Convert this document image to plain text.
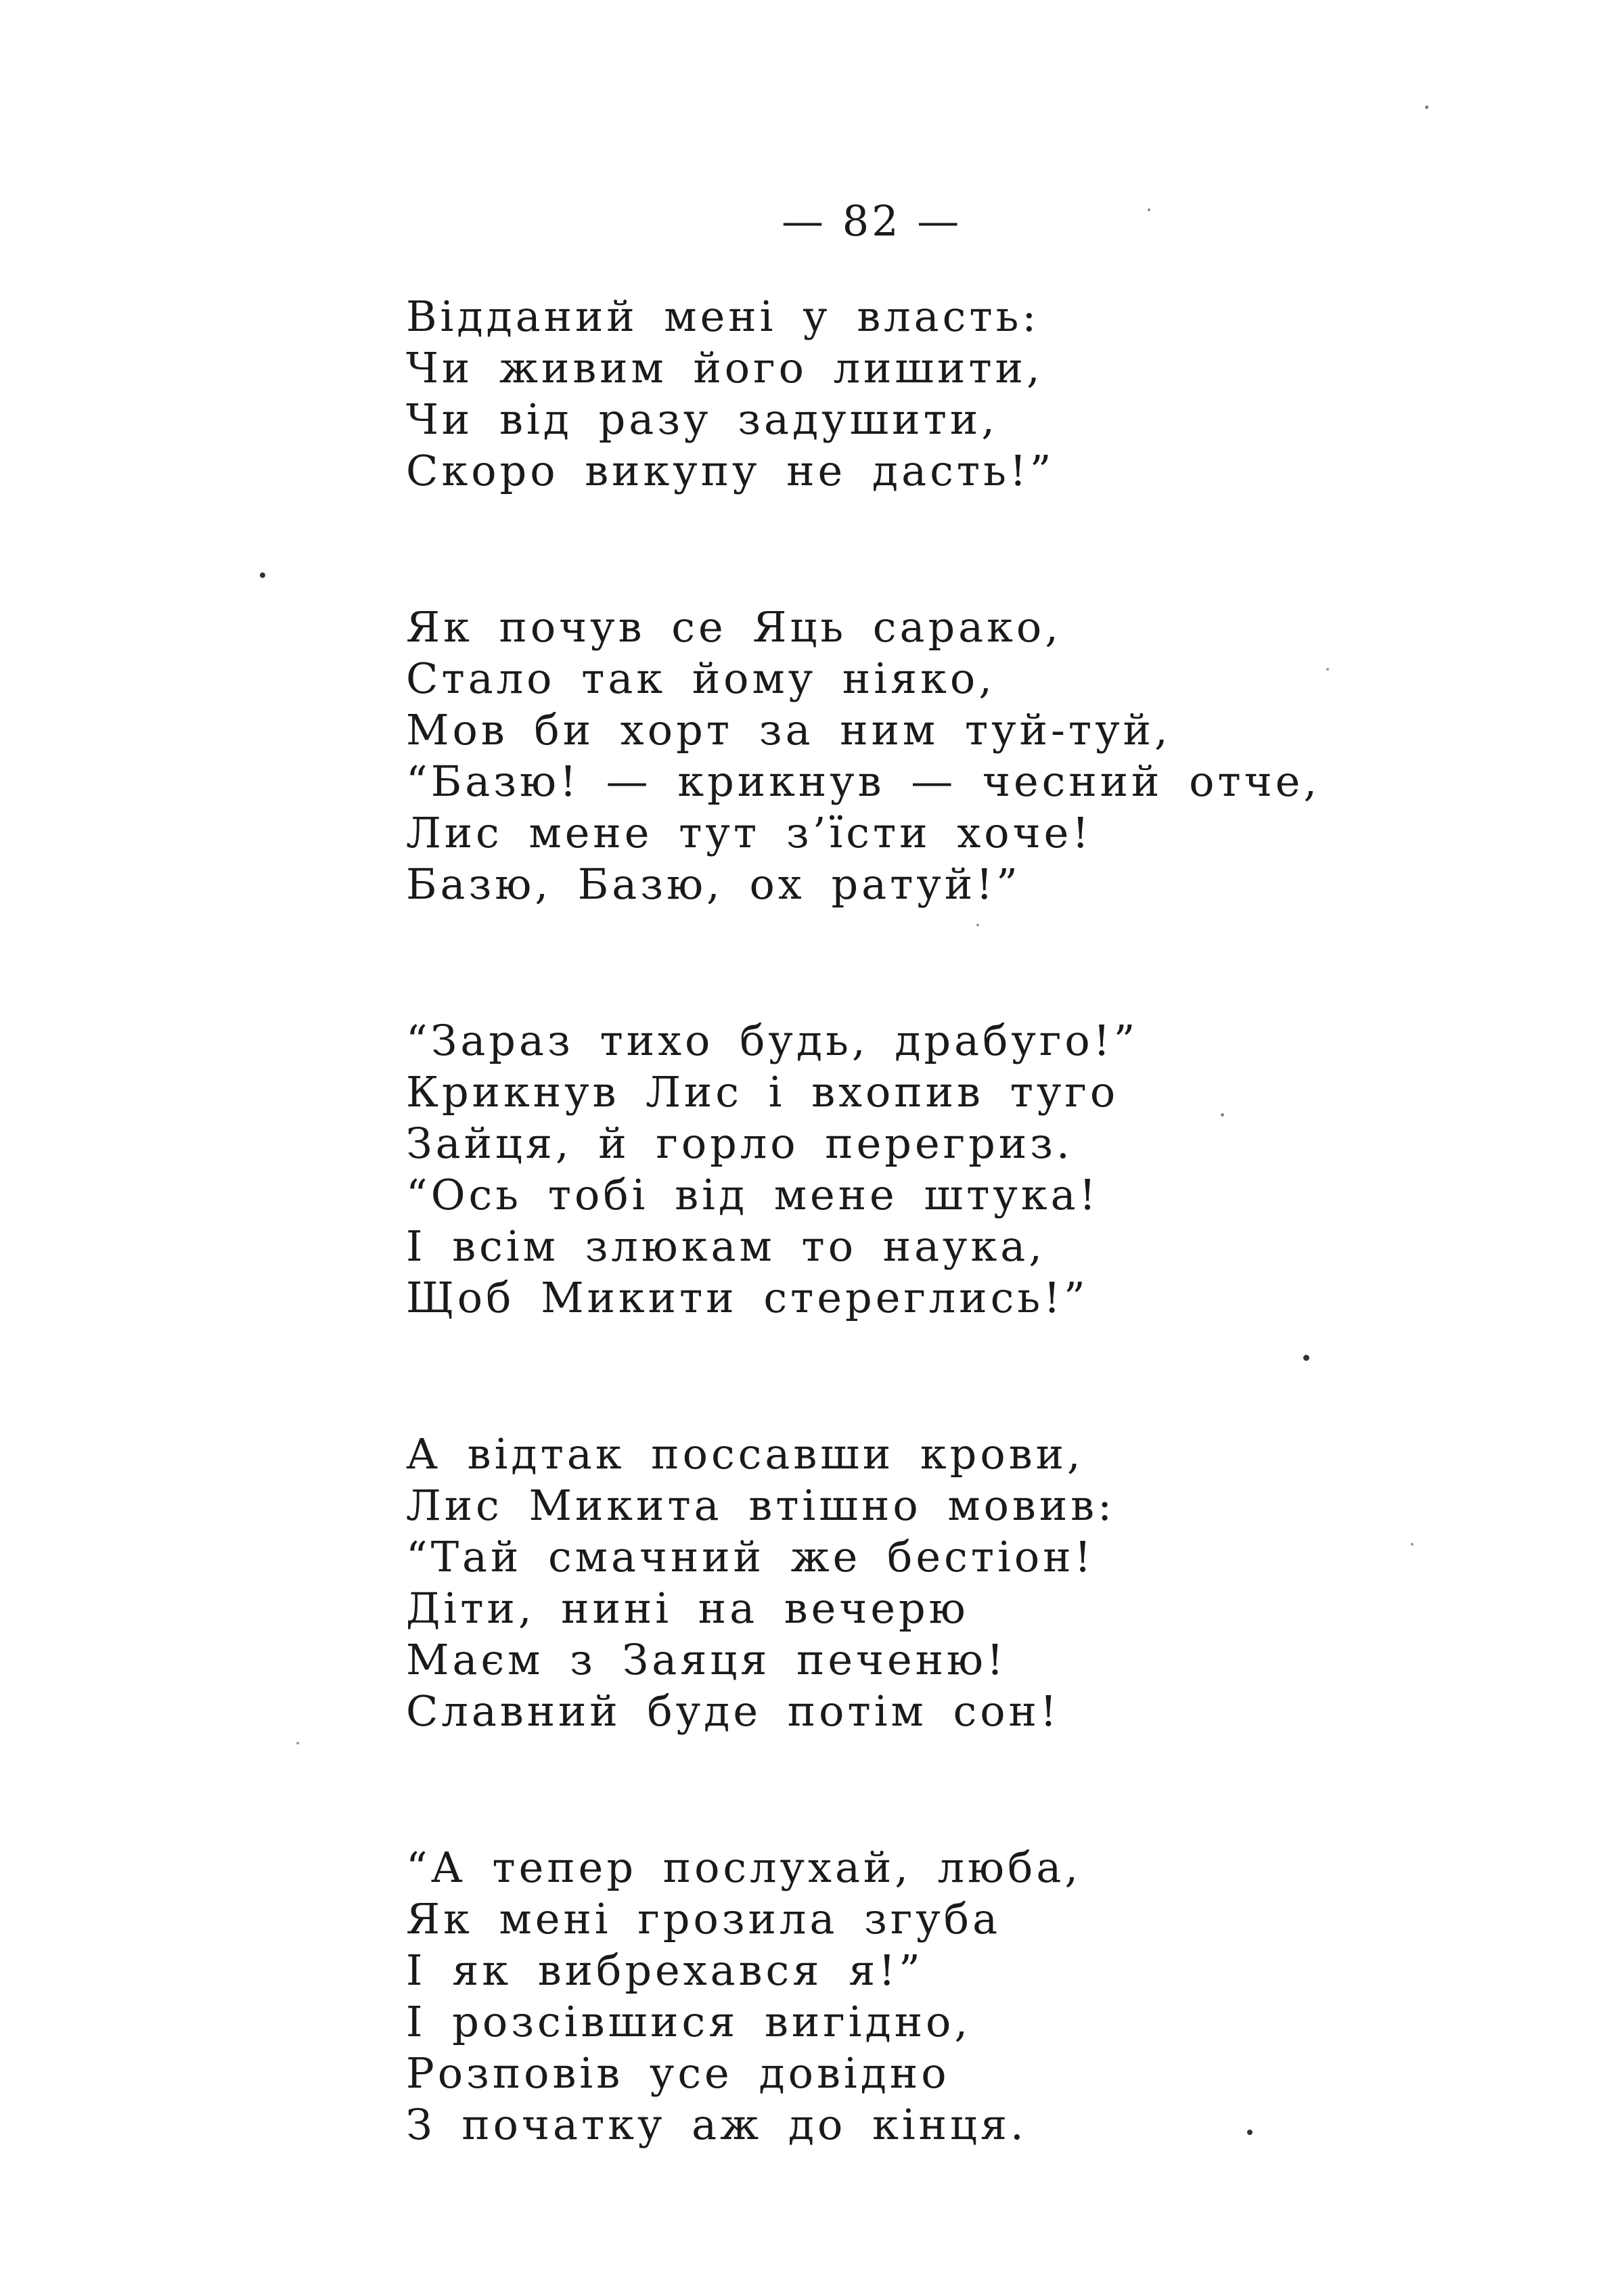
— 82 —
Відданий мені у власть:
Чи живим його лишити,
Чи від разу задушити,
Скоро викупу не дасть!”
Як почув се Яць сарако,
Стало так йому ніяко,
Мов би хорт за ним туй-туй,
“Базю! — крикнув — чесний отче,
Лис мене тут з’їсти хоче!
Базю, Базю, ох ратуй!”
“Зараз тихо будь, драбуго!”
Крикнув Лис і вхопив туго
Зайця, й горло перегриз.
“Ось тобі від мене штука!
І всім злюкам то наука,
Щоб Микити стереглись!”
А відтак поссавши крови,
Лис Микита втішно мовив:
“Тай смачний же бестіон!
Діти, нині на вечерю
Маєм з Заяця печеню!
Славний буде потім сон!
“А тепер послухай, люба,
Як мені грозила згуба
І як вибрехався я!”
І розсівшися вигідно,
Розповів усе довідно
З початку аж до кінця.
